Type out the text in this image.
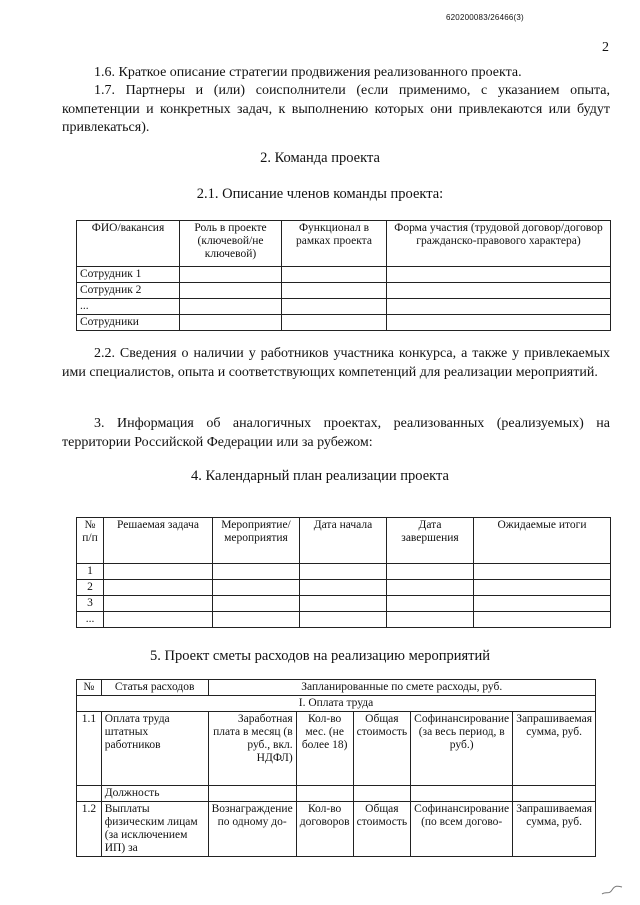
620200083/26466(3)
2
1.6. Краткое описание стратегии продвижения реализованного проекта.
1.7. Партнеры и (или) соисполнители (если применимо, с указанием опыта, компетенции и конкретных задач, к выполнению которых они привлекаются или будут привлекаться).
2. Команда проекта
2.1. Описание членов команды проекта:
ФИО/вакансия	Роль в проекте (ключевой/не ключевой)	Функционал в рамках проекта	Форма участия (трудовой договор/договор гражданско-правового характера)
Сотрудник 1			
Сотрудник 2			
...			
Сотрудники			
2.2. Сведения о наличии у работников участника конкурса, а также у привлекаемых ими специалистов, опыта и соответствующих компетенций для реализации мероприятий.
3. Информация об аналогичных проектах, реализованных (реализуемых) на территории Российской Федерации или за рубежом:
4. Календарный план реализации проекта
№ п/п	Решаемая задача	Мероприятие/мероприятия	Дата начала	Дата завершения	Ожидаемые итоги
1					
2					
3					
...					
5. Проект сметы расходов на реализацию мероприятий
№	Статья расходов	Запланированные по смете расходы, руб.				
I. Оплата труда						
1.1	Оплата труда штатных работников	Заработная плата в месяц (в руб., вкл. НДФЛ)	Кол-во мес. (не более 18)	Общая стоимость	Софинансирование (за весь период, в руб.)	Запрашиваемая сумма, руб.
	Должность					
1.2	Выплаты физическим лицам (за исключением ИП) за	Вознаграждение по одному до-	Кол-во договоров	Общая стоимость	Софинансирование (по всем догово-	Запрашиваемая сумма, руб.
